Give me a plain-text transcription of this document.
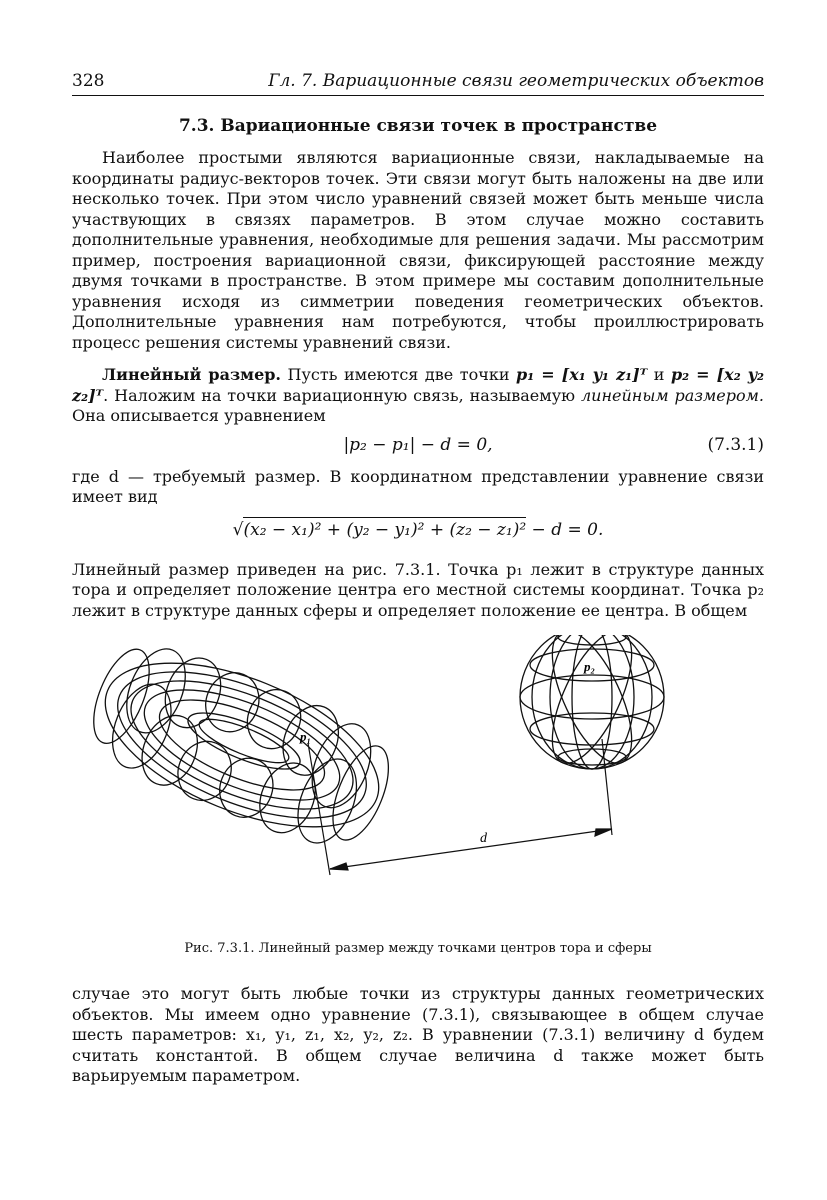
328	Гл. 7. Вариационные связи геометрических объектов
7.3. Вариационные связи точек в пространстве

Наиболее простыми являются вариационные связи, накладываемые на координаты радиус-векторов точек. Эти связи могут быть наложены на две или несколько точек. При этом число уравнений связей может быть меньше числа участвующих в связях параметров. В этом случае можно составить дополнительные уравнения, необходимые для решения задачи. Мы рассмотрим пример, построения вариационной связи, фиксирующей расстояние между двумя точками в пространстве. В этом примере мы составим дополнительные уравнения исходя из симметрии поведения геометрических объектов. Дополнительные уравнения нам потребуются, чтобы проиллюстрировать процесс решения системы уравнений связи.

Линейный размер. Пусть имеются две точки p₁ = [x₁ y₁ z₁]ᵀ и p₂ = [x₂ y₂ z₂]ᵀ. Наложим на точки вариационную связь, называемую линейным размером. Она описывается уравнением

|p₂ − p₁| − d = 0,	(7.3.1)

где d — требуемый размер. В координатном представлении уравнение связи имеет вид

√(x₂ − x₁)² + (y₂ − y₁)² + (z₂ − z₁)² − d = 0.

Линейный размер приведен на рис. 7.3.1. Точка p₁ лежит в структуре данных тора и определяет положение центра его местной системы координат. Точка p₂ лежит в структуре данных сферы и определяет положение ее центра. В общем

p₁
p₂
d
Рис. 7.3.1. Линейный размер между точками центров тора и сферы

случае это могут быть любые точки из структуры данных геометрических объектов. Мы имеем одно уравнение (7.3.1), связывающее в общем случае шесть параметров: x₁, y₁, z₁, x₂, y₂, z₂. В уравнении (7.3.1) величину d будем считать константой. В общем случае величина d также может быть варьируемым параметром.
